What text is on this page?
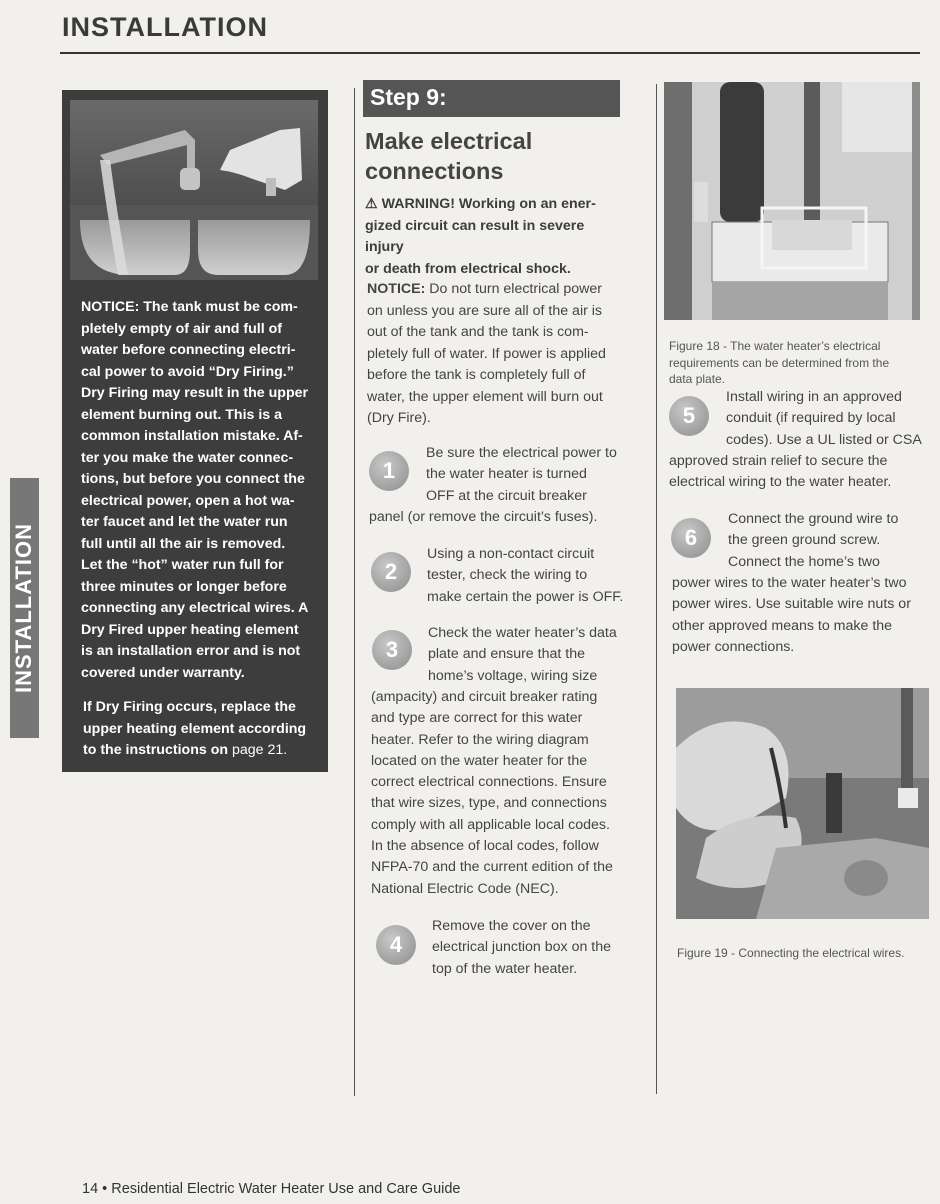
INSTALLATION
INSTALLATION
NOTICE: The tank must be com-
pletely empty of air and full of
water before connecting electri-
cal power to avoid “Dry Firing.”
Dry Firing may result in the upper
element burning out. This is a
common installation mistake. Af-
ter you make the water connec-
tions, but before you connect the
electrical power, open a hot wa-
ter faucet and let the water run
full until all the air is removed.
Let the “hot” water run full for
three minutes or longer before
connecting any electrical wires. A
Dry Fired upper heating element
is an installation error and is not
covered under warranty.
If Dry Firing occurs, replace the
upper heating element according
to the instructions on page 21.
Step 9:
Make electrical
connections
⚠ WARNING! Working on an ener-
gized circuit can result in severe injury
or death from electrical shock.
NOTICE: Do not turn electrical power
on unless you are sure all of the air is
out of the tank and the tank is com-
pletely full of water. If power is applied
before the tank is completely full of
water, the upper element will burn out
(Dry Fire).
1
Be sure the electrical power to
the water heater is turned
OFF at the circuit breaker
panel (or remove the circuit’s fuses).
2
Using a non-contact circuit
tester, check the wiring to
make certain the power is OFF.
3
Check the water heater’s data
plate and ensure that the
home’s voltage, wiring size
(ampacity) and circuit breaker rating
and type are correct for this water
heater. Refer to the wiring diagram
located on the water heater for the
correct electrical connections. Ensure
that wire sizes, type, and connections
comply with all applicable local codes.
In the absence of local codes, follow
NFPA-70 and the current edition of the
National Electric Code (NEC).
4
Remove the cover on the
electrical junction box on the
top of the water heater.
Figure 18 - The water heater’s electrical
requirements can be determined from the
data plate.
5
Install wiring in an approved
conduit (if required by local
codes). Use a UL listed or CSA
approved strain relief to secure the
electrical wiring to the water heater.
6
Connect the ground wire to
the green ground screw.
Connect the home’s two
power wires to the water heater’s two
power wires. Use suitable wire nuts or
other approved means to make the
power connections.
Figure 19 - Connecting the electrical wires.
14 • Residential Electric Water Heater Use and Care Guide
